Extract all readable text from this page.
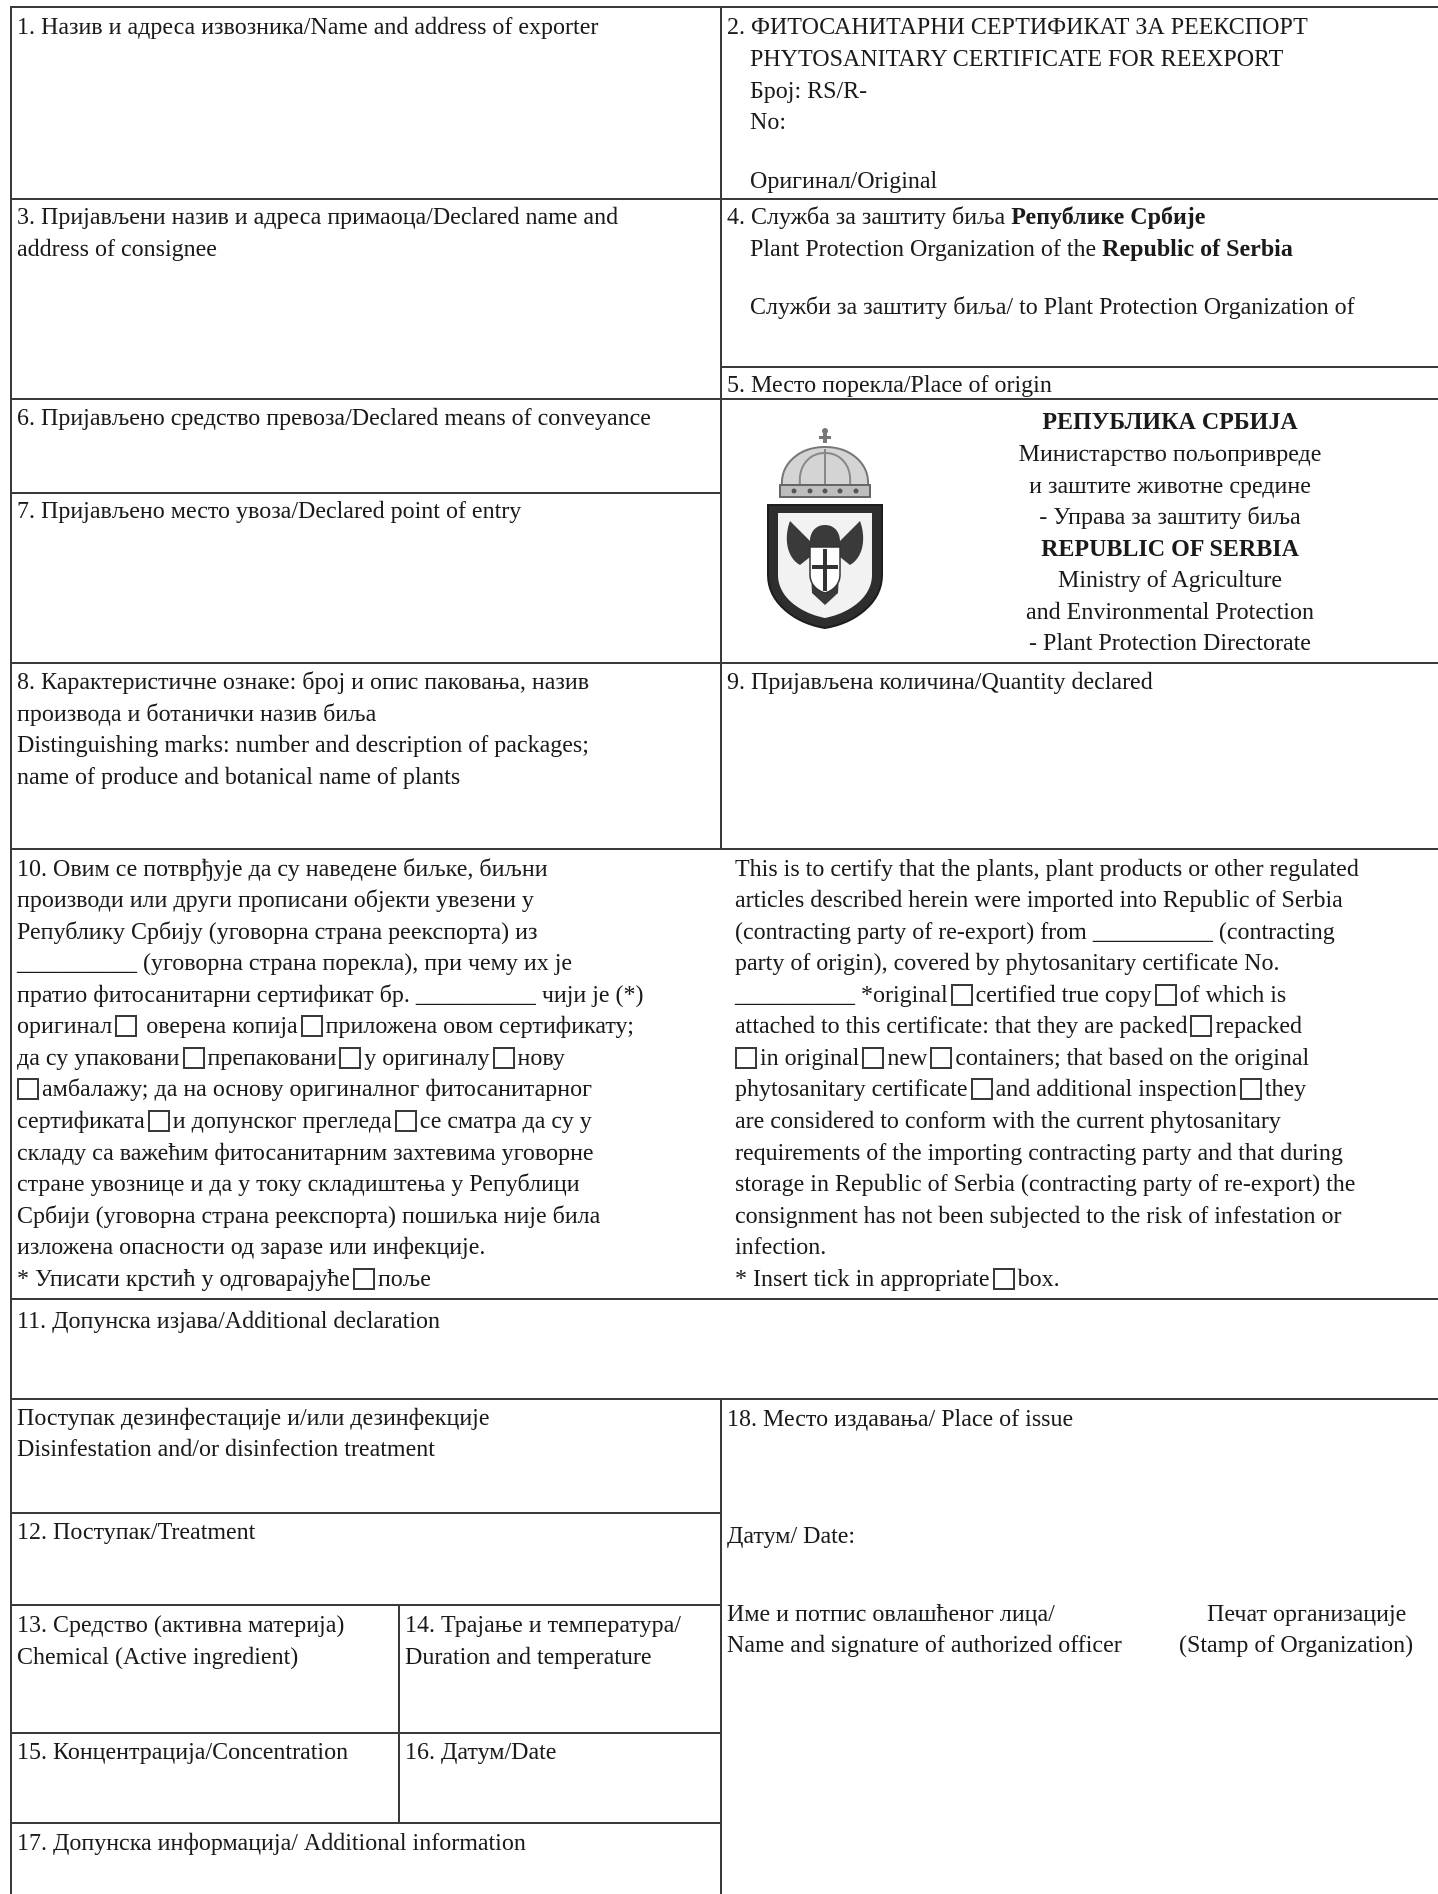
1. Назив и адреса извозника/Name and address of exporter	2. ФИТОСАНИТАРНИ СЕРТИФИКАТ ЗА РЕЕКСПОРТ

PHYTOSANITARY CERTIFICATE FOR REEXPORT

Број: RS/R-

No:

Оригинал/Original

3. Пријављени назив и адреса примаоца/Declared name and

address of consignee

4. Служба за заштиту биља Републике Србије

Plant Protection Organization of the Republic of Serbia

Служби за заштиту биља/ to Plant Protection Organization of

5. Место порекла/Place of origin

6. Пријављено средство превоза/Declared means of conveyance

7. Пријављено место увоза/Declared point of entry

РЕПУБЛИКА СРБИЈА

Министарство пољопривреде

и заштите животне средине

- Управа за заштиту биља

REPUBLIC OF SERBIA

Ministry of Agriculture

and Environmental Protection

- Plant Protection Directorate

8. Карактеристичне ознаке: број и опис паковања, назив

производа и ботанички назив биља

Distinguishing marks: number and description of packages;

name of produce and botanical name of plants

9. Пријављена количина/Quantity declared

10. Овим се потврђује да су наведене биљке, биљни

производи или други прописани објекти увезени у

Републику Србију (уговорна страна реекспорта) из

__________ (уговорна страна порекла), при чему их је

пратио фитосанитарни сертификат бр. __________ чији је (*)

оригинал оверена копија приложена овом сертификату;

да су упаковани препаковани у оригиналу нову

амбалажу; да на основу оригиналног фитосанитарног

сертификата и допунског прегледа се сматра да су у

складу са важећим фитосанитарним захтевима уговорне

стране увознице и да у току складиштења у Републици

Србији (уговорна страна реекспорта) пошиљка није била

изложена опасности од заразе или инфекције.

* Уписати крстић у одговарајуће поље

This is to certify that the plants, plant products or other regulated

articles described herein were imported into Republic of Serbia

(contracting party of re-export) from __________ (contracting

party of origin), covered by phytosanitary certificate No.

__________ *original certified true copy of which is

attached to this certificate: that they are packed repacked

in original new containers; that based on the original

phytosanitary certificate and additional inspection they

are considered to conform with the current phytosanitary

requirements of the importing contracting party and that during

storage in Republic of Serbia (contracting party of re-export) the

consignment has not been subjected to the risk of infestation or

infection.

* Insert tick in appropriate box.

11. Допунска изјава/Additional declaration

Поступак дезинфестације и/или дезинфекције

Disinfestation and/or disinfection treatment

12. Поступак/Treatment

13. Средство (активна материја)

Chemical (Active ingredient)

14. Трајање и температура/

Duration and temperature

15. Концентрација/Concentration 16. Датум/Date

17. Допунска информација/ Additional information

18. Место издавања/ Place of issue

Датум/ Date:

Име и потпис овлашћеног лица/

Name and signature of authorized officer

Печат организације

(Stamp of Organization)
